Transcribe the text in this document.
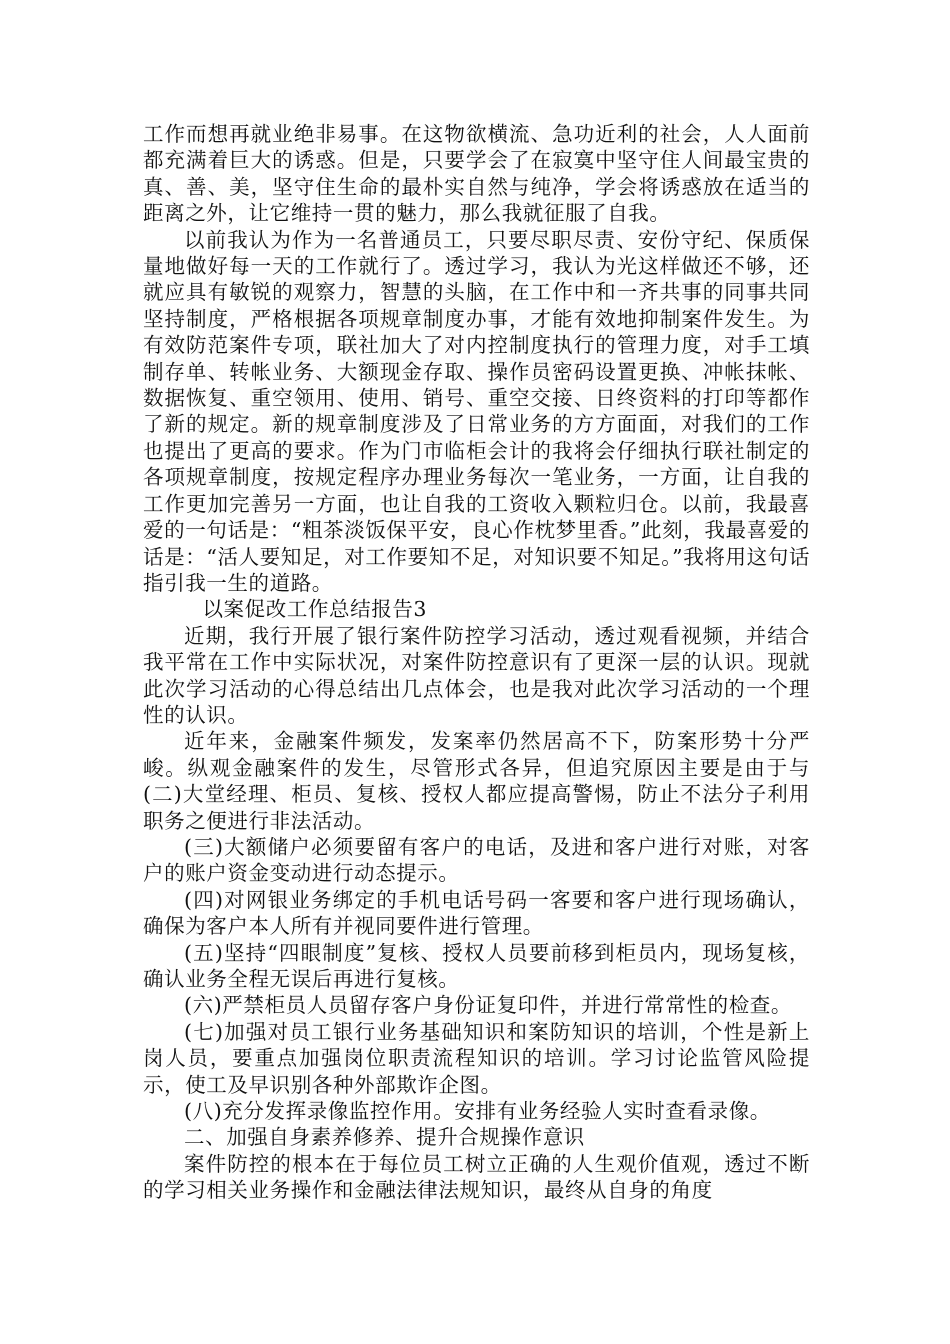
工作而想再就业绝非易事。在这物欲横流、急功近利的社会，人人面前都充满着巨大的诱惑。但是，只要学会了在寂寞中坚守住人间最宝贵的真、善、美，坚守住生命的最朴实自然与纯净，学会将诱惑放在适当的距离之外，让它维持一贯的魅力，那么我就征服了自我。

以前我认为作为一名普通员工，只要尽职尽责、安份守纪、保质保量地做好每一天的工作就行了。透过学习，我认为光这样做还不够，还就应具有敏锐的观察力，智慧的头脑，在工作中和一齐共事的同事共同坚持制度，严格根据各项规章制度办事，才能有效地抑制案件发生。为有效防范案件专项，联社加大了对内控制度执行的管理力度，对手工填制存单、转帐业务、大额现金存取、操作员密码设置更换、冲帐抹帐、数据恢复、重空领用、使用、销号、重空交接、日终资料的打印等都作了新的规定。新的规章制度涉及了日常业务的方方面面，对我们的工作也提出了更高的要求。作为门市临柜会计的我将会仔细执行联社制定的各项规章制度，按规定程序办理业务每次一笔业务，一方面，让自我的工作更加完善另一方面，也让自我的工资收入颗粒归仓。以前，我最喜爱的一句话是：“粗茶淡饭保平安，良心作枕梦里香。”此刻，我最喜爱的话是：“活人要知足，对工作要知不足，对知识要不知足。”我将用这句话指引我一生的道路。

以案促改工作总结报告3

近期，我行开展了银行案件防控学习活动，透过观看视频，并结合我平常在工作中实际状况，对案件防控意识有了更深一层的认识。现就此次学习活动的心得总结出几点体会，也是我对此次学习活动的一个理性的认识。

近年来，金融案件频发，发案率仍然居高不下，防案形势十分严峻。纵观金融案件的发生，尽管形式各异，但追究原因主要是由于与(二)大堂经理、柜员、复核、授权人都应提高警惕，防止不法分子利用职务之便进行非法活动。

(三)大额储户必须要留有客户的电话，及进和客户进行对账，对客户的账户资金变动进行动态提示。

(四)对网银业务绑定的手机电话号码一客要和客户进行现场确认，确保为客户本人所有并视同要件进行管理。

(五)坚持“四眼制度”复核、授权人员要前移到柜员内，现场复核，确认业务全程无误后再进行复核。

(六)严禁柜员人员留存客户身份证复印件，并进行常常性的检查。

(七)加强对员工银行业务基础知识和案防知识的培训，个性是新上岗人员，要重点加强岗位职责流程知识的培训。学习讨论监管风险提示，使工及早识别各种外部欺诈企图。

(八)充分发挥录像监控作用。安排有业务经验人实时查看录像。

二、加强自身素养修养、提升合规操作意识

案件防控的根本在于每位员工树立正确的人生观价值观，透过不断的学习相关业务操作和金融法律法规知识，最终从自身的角度
